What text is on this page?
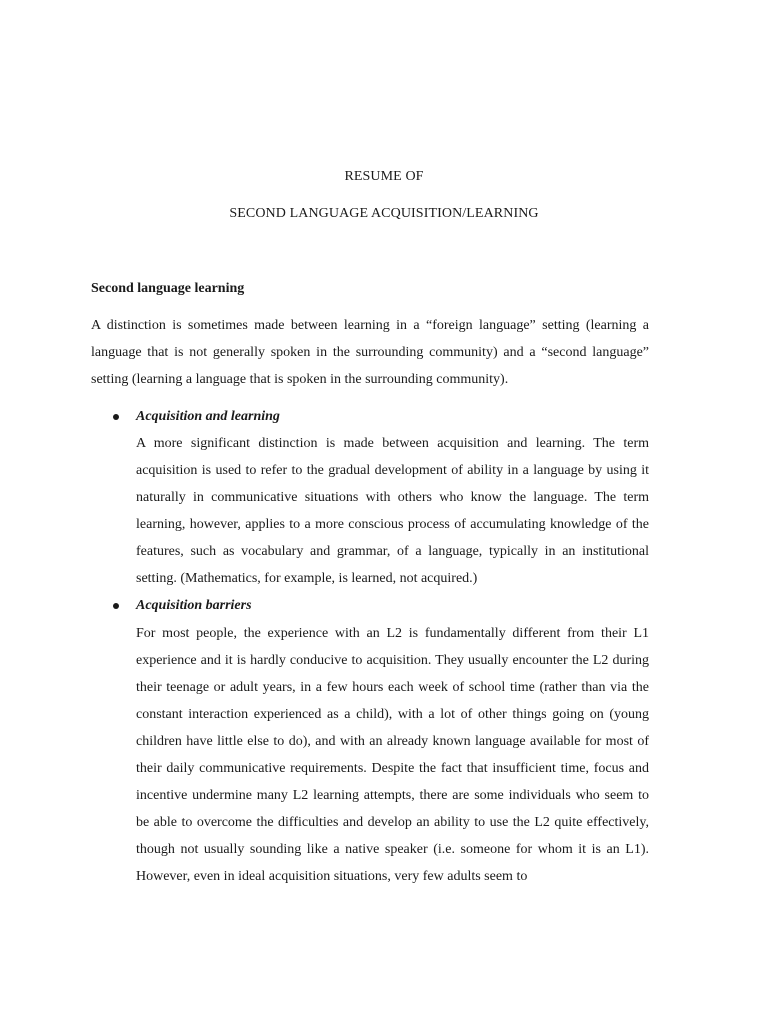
RESUME OF
SECOND LANGUAGE ACQUISITION/LEARNING
Second language learning
A distinction is sometimes made between learning in a “foreign language” setting (learning a language that is not generally spoken in the surrounding community) and a “second language” setting (learning a language that is spoken in the surrounding community).
Acquisition and learning
A more significant distinction is made between acquisition and learning. The term acquisition is used to refer to the gradual development of ability in a language by using it naturally in communicative situations with others who know the language. The term learning, however, applies to a more conscious process of accumulating knowledge of the features, such as vocabulary and grammar, of a language, typically in an institutional setting. (Mathematics, for example, is learned, not acquired.)
Acquisition barriers
For most people, the experience with an L2 is fundamentally different from their L1 experience and it is hardly conducive to acquisition. They usually encounter the L2 during their teenage or adult years, in a few hours each week of school time (rather than via the constant interaction experienced as a child), with a lot of other things going on (young children have little else to do), and with an already known language available for most of their daily communicative requirements. Despite the fact that insufficient time, focus and incentive undermine many L2 learning attempts, there are some individuals who seem to be able to overcome the difficulties and develop an ability to use the L2 quite effectively, though not usually sounding like a native speaker (i.e. someone for whom it is an L1). However, even in ideal acquisition situations, very few adults seem to
